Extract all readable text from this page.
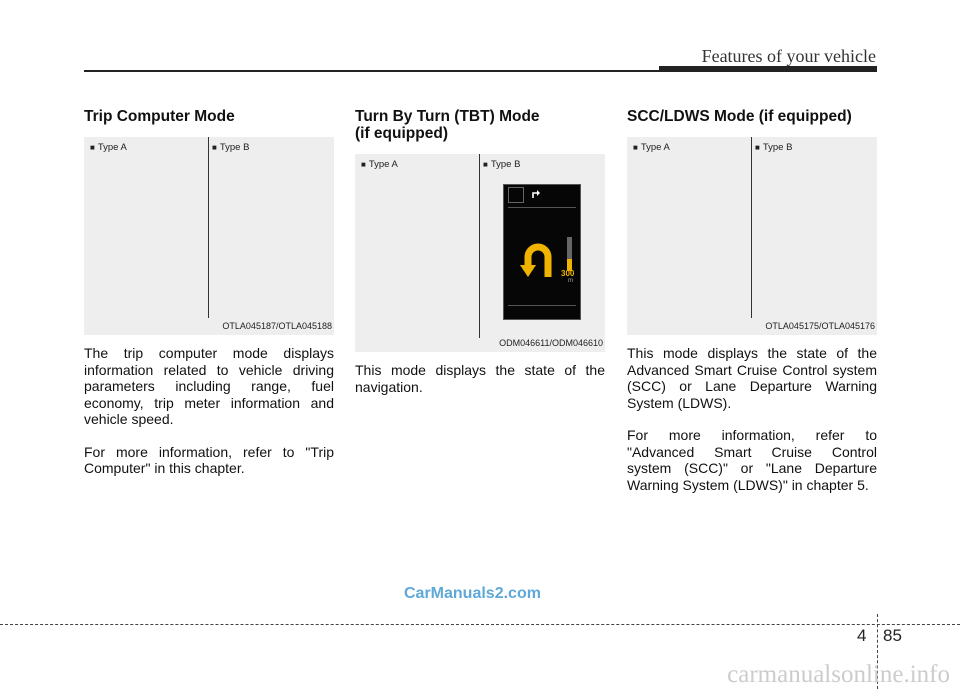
Features of your vehicle
Trip Computer Mode
■ Type A	■ Type B
OTLA045187/OTLA045188

The trip computer mode displays information related to vehicle driving parameters including range, fuel economy, trip meter information and vehicle speed.

For more information, refer to "Trip Computer" in this chapter.

Turn By Turn (TBT) Mode
(if equipped)
■ Type A	■ Type B
300
m
ODM046611/ODM046610

This mode displays the state of the navigation.

SCC/LDWS Mode (if equipped)
■ Type A	■ Type B
OTLA045175/OTLA045176

This mode displays the state of the Advanced Smart Cruise Control system (SCC) or Lane Departure Warning System (LDWS).

For more information, refer to "Advanced Smart Cruise Control system (SCC)" or "Lane Departure Warning System (LDWS)" in chapter 5.

CarManuals2.com
4 85
carmanualsonline.info
